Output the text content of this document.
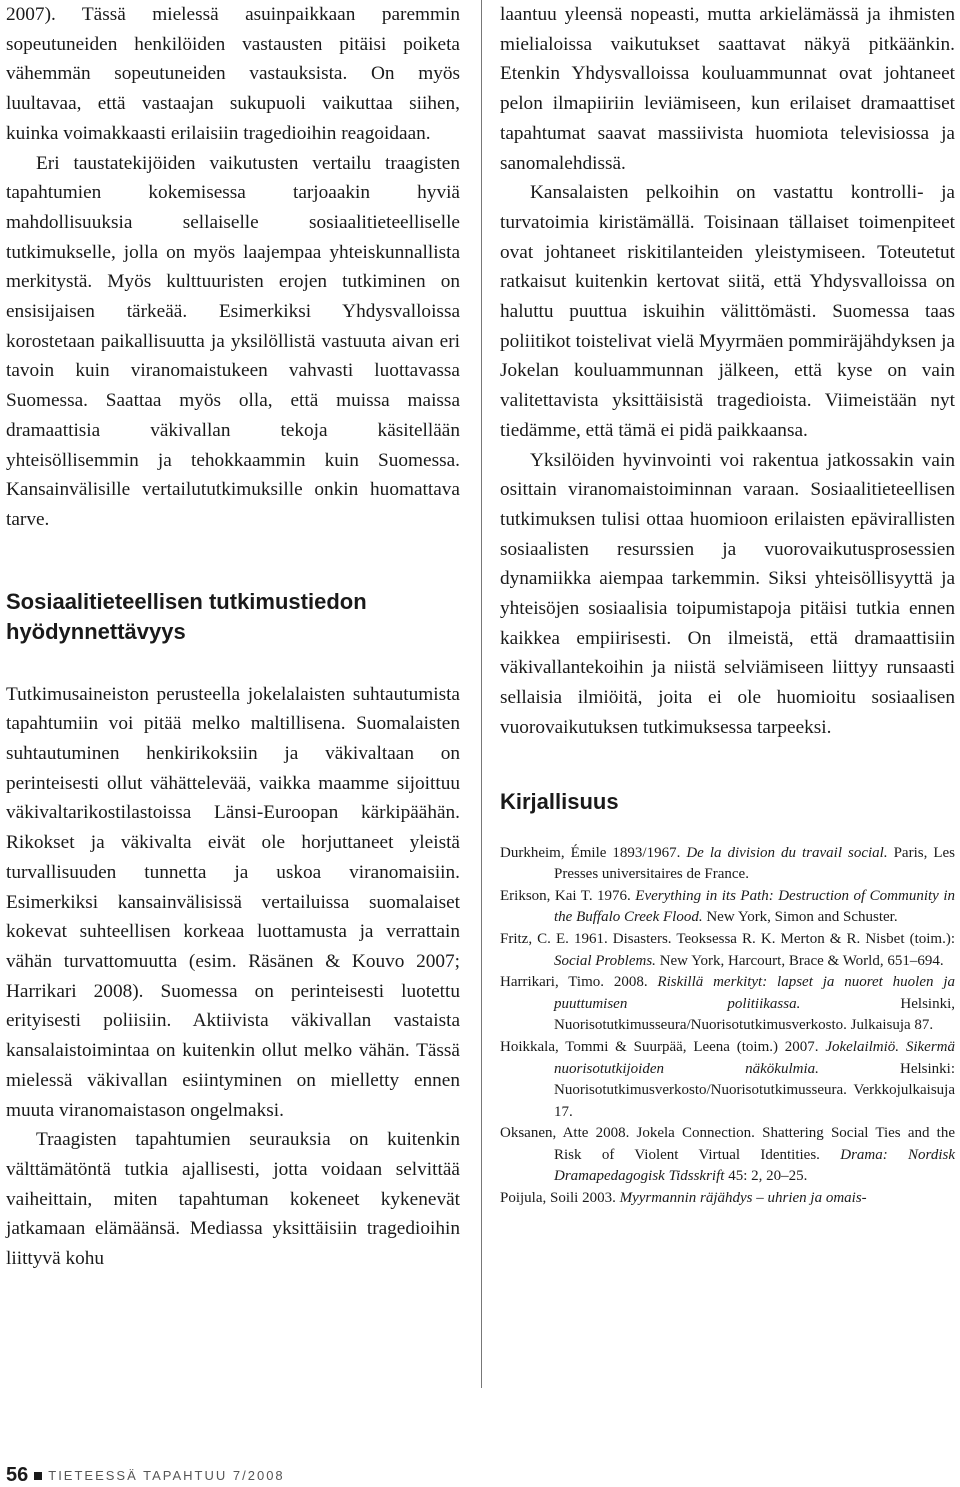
2007). Tässä mielessä asuinpaikkaan paremmin sopeutuneiden henkilöiden vastausten pitäisi poiketa vähemmän sopeutuneiden vastauksista. On myös luultavaa, että vastaajan sukupuoli vaikuttaa siihen, kuinka voimakkaasti erilaisiin tragedioihin reagoidaan.

Eri taustatekijöiden vaikutusten vertailu traagisten tapahtumien kokemisessa tarjoaakin hyviä mahdollisuuksia sellaiselle sosiaalitieteelliselle tutkimukselle, jolla on myös laajempaa yhteiskunnallista merkitystä. Myös kulttuuristen erojen tutkiminen on ensisijaisen tärkeää. Esimerkiksi Yhdysvalloissa korostetaan paikallisuutta ja yksilöllistä vastuuta aivan eri tavoin kuin viranomaistukeen vahvasti luottavassa Suomessa. Saattaa myös olla, että muissa maissa dramaattisia väkivallan tekoja käsitellään yhteisöllisemmin ja tehokkaammin kuin Suomessa. Kansainvälisille vertailututkimuksille onkin huomattava tarve.

Sosiaalitieteellisen tutkimustiedon hyödynnettävyys

Tutkimusaineiston perusteella jokelalaisten suhtautumista tapahtumiin voi pitää melko maltillisena. Suomalaisten suhtautuminen henkirikoksiin ja väkivaltaan on perinteisesti ollut vähättelevää, vaikka maamme sijoittuu väkivaltarikostilastoissa Länsi-Euroopan kärkipäähän. Rikokset ja väkivalta eivät ole horjuttaneet yleistä turvallisuuden tunnetta ja uskoa viranomaisiin. Esimerkiksi kansainvälisissä vertailuissa suomalaiset kokevat suhteellisen korkeaa luottamusta ja verrattain vähän turvattomuutta (esim. Räsänen & Kouvo 2007; Harrikari 2008). Suomessa on perinteisesti luotettu erityisesti poliisiin. Aktiivista väkivallan vastaista kansalaistoimintaa on kuitenkin ollut melko vähän. Tässä mielessä väkivallan esiintyminen on mielletty ennen muuta viranomaistason ongelmaksi.

Traagisten tapahtumien seurauksia on kuitenkin välttämätöntä tutkia ajallisesti, jotta voidaan selvittää vaiheittain, miten tapahtuman kokeneet kykenevät jatkamaan elämäänsä. Mediassa yksittäisiin tragedioihin liittyvä kohu

laantuu yleensä nopeasti, mutta arkielämässä ja ihmisten mielialoissa vaikutukset saattavat näkyä pitkäänkin. Etenkin Yhdysvalloissa kouluammunnat ovat johtaneet pelon ilmapiiriin leviämiseen, kun erilaiset dramaattiset tapahtumat saavat massiivista huomiota televisiossa ja sanomalehdissä.

Kansalaisten pelkoihin on vastattu kontrolli- ja turvatoimia kiristämällä. Toisinaan tällaiset toimenpiteet ovat johtaneet riskitilanteiden yleistymiseen. Toteutetut ratkaisut kuitenkin kertovat siitä, että Yhdysvalloissa on haluttu puuttua iskuihin välittömästi. Suomessa taas poliitikot toistelivat vielä Myyrmäen pommiräjähdyksen ja Jokelan kouluammunnan jälkeen, että kyse on vain valitettavista yksittäisistä tragedioista. Viimeistään nyt tiedämme, että tämä ei pidä paikkaansa.

Yksilöiden hyvinvointi voi rakentua jatkossakin vain osittain viranomaistoiminnan varaan. Sosiaalitieteellisen tutkimuksen tulisi ottaa huomioon erilaisten epävirallisten sosiaalisten resurssien ja vuorovaikutusprosessien dynamiikka aiempaa tarkemmin. Siksi yhteisöllisyyttä ja yhteisöjen sosiaalisia toipumistapoja pitäisi tutkia ennen kaikkea empiirisesti. On ilmeistä, että dramaattisiin väkivallantekoihin ja niistä selviämiseen liittyy runsaasti sellaisia ilmiöitä, joita ei ole huomioitu sosiaalisen vuorovaikutuksen tutkimuksessa tarpeeksi.

Kirjallisuus

Durkheim, Émile 1893/1967. De la division du travail social. Paris, Les Presses universitaires de France.

Erikson, Kai T. 1976. Everything in its Path: Destruction of Community in the Buffalo Creek Flood. New York, Simon and Schuster.

Fritz, C. E. 1961. Disasters. Teoksessa R. K. Merton & R. Nisbet (toim.): Social Problems. New York, Harcourt, Brace & World, 651–694.

Harrikari, Timo. 2008. Riskillä merkityt: lapset ja nuoret huolen ja puuttumisen politiikassa. Helsinki, Nuorisotutkimusseura/Nuorisotutkimusverkosto. Julkaisuja 87.

Hoikkala, Tommi & Suurpää, Leena (toim.) 2007. Jokelailmiö. Sikermä nuorisotutkijoiden näkökulmia. Helsinki: Nuorisotutkimusverkosto/Nuorisotutkimusseura. Verkkojulkaisuja 17.

Oksanen, Atte 2008. Jokela Connection. Shattering Social Ties and the Risk of Violent Virtual Identities. Drama: Nordisk Dramapedagogisk Tidsskrift 45: 2, 20–25.

Poijula, Soili 2003. Myyrmannin räjähdys – uhrien ja omais-

56 TIETEESSÄ TAPAHTUU 7/2008
